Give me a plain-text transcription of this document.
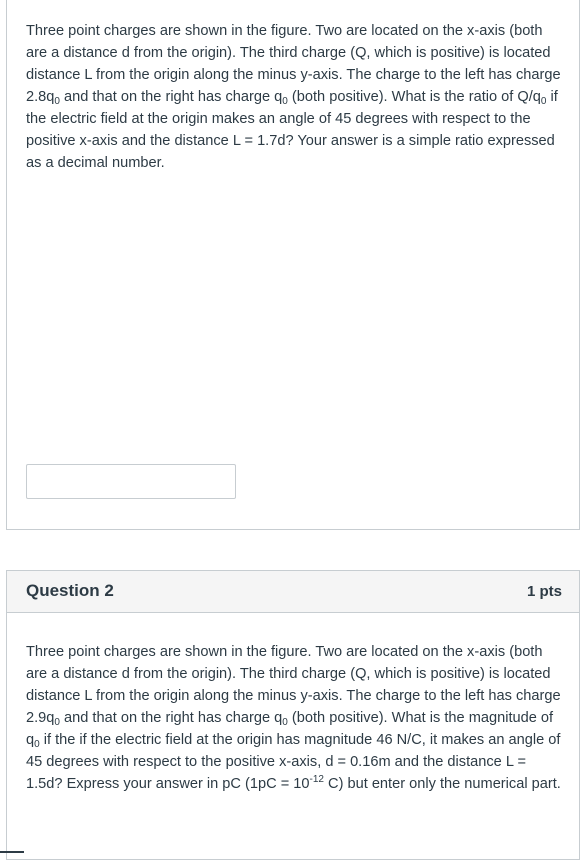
Three point charges are shown in the figure. Two are located on the x-axis (both are a distance d from the origin). The third charge (Q, which is positive) is located distance L from the origin along the minus y-axis. The charge to the left has charge $2.8q_0$ and that on the right has charge $q_0$ (both positive). What is the ratio of $Q/q_0$ if the electric field at the origin makes an angle of 45 degrees with respect to the positive x-axis and the distance L = 1.7d? Your answer is a simple ratio expressed as a decimal number.

Question 2	1 pts

Three point charges are shown in the figure. Two are located on the x-axis (both are a distance d from the origin). The third charge (Q, which is positive) is located distance L from the origin along the minus y-axis. The charge to the left has charge $2.9q_0$ and that on the right has charge $q_0$ (both positive). What is the magnitude of $q_0$ if the if the electric field at the origin has magnitude 46 N/C, it makes an angle of 45 degrees with respect to the positive x-axis, d = 0.16m and the distance L = 1.5d? Express your answer in pC ($1pC = 10^{-12}$ C) but enter only the numerical part.
